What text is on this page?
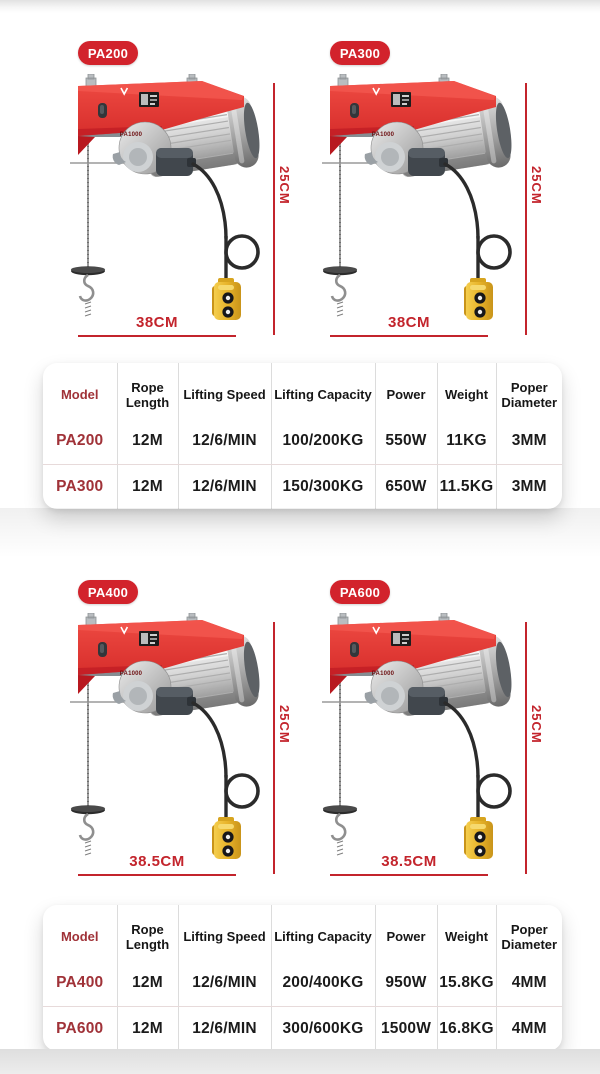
PA200
PA1000
25CM
38CM
PA300
PA1000
25CM
38CM
Model	Rope Length	Lifting Speed	Lifting Capacity	Power	Weight	Poper Diameter
PA200	12M	12/6/MIN	100/200KG	550W	11KG	3MM
PA300	12M	12/6/MIN	150/300KG	650W	11.5KG	3MM
PA400
PA1000
25CM
38.5CM
PA600
PA1000
25CM
38.5CM
Model	Rope Length	Lifting Speed	Lifting Capacity	Power	Weight	Poper Diameter
PA400	12M	12/6/MIN	200/400KG	950W	15.8KG	4MM
PA600	12M	12/6/MIN	300/600KG	1500W	16.8KG	4MM
